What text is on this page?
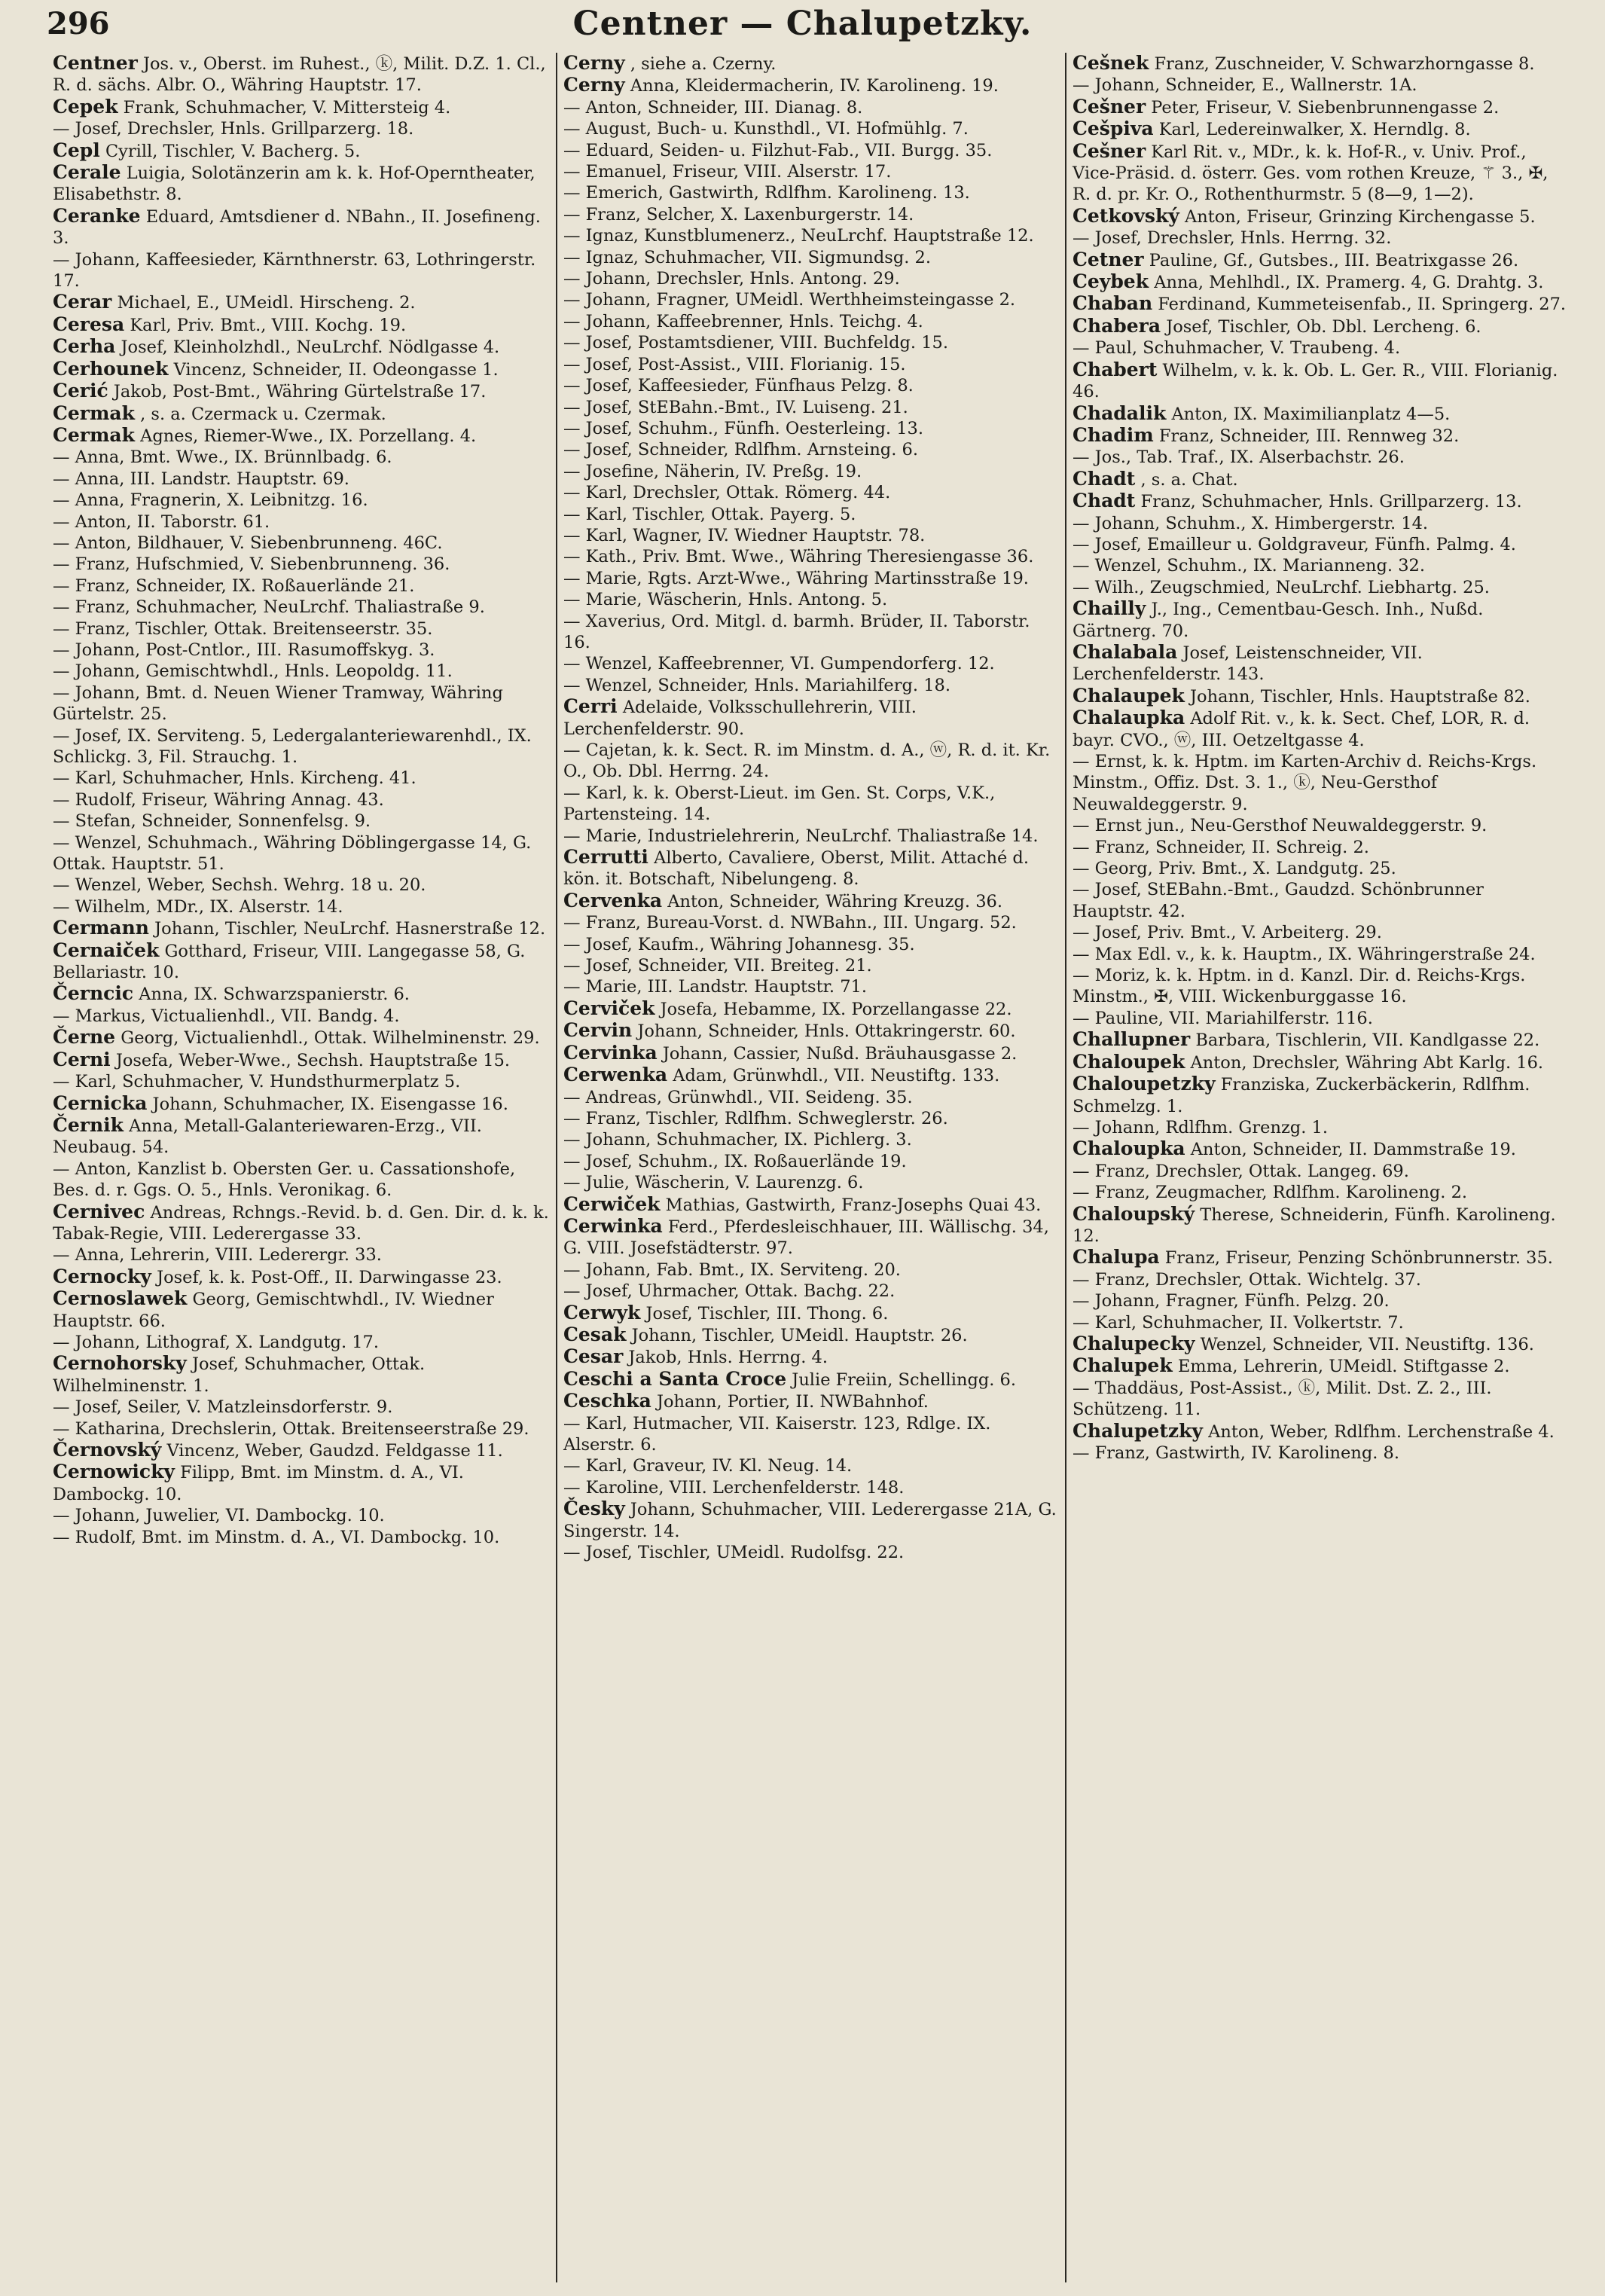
296	Centner — Chalupetzky.

Centner Jos. v., Oberst. im Ruhest., ⓚ, Milit. D.Z. 1. Cl., R. d. sächs. Albr. O., Währing Hauptstr. 17.

Cepek Frank, Schuhmacher, V. Mittersteig 4.

— Josef, Drechsler, Hnls. Grillparzerg. 18.

Cepl Cyrill, Tischler, V. Bacherg. 5.

Cerale Luigia, Solotänzerin am k. k. Hof-Operntheater, Elisabethstr. 8.

Ceranke Eduard, Amtsdiener d. NBahn., II. Josefineng. 3.

— Johann, Kaffeesieder, Kärnthnerstr. 63, Lothringerstr. 17.

Cerar Michael, E., UMeidl. Hirscheng. 2.

Ceresa Karl, Priv. Bmt., VIII. Kochg. 19.

Cerha Josef, Kleinholzhdl., NeuLrchf. Nödlgasse 4.

Cerhounek Vincenz, Schneider, II. Odeongasse 1.

Cerić Jakob, Post-Bmt., Währing Gürtelstraße 17.

Cermak , s. a. Czermack u. Czermak.

Cermak Agnes, Riemer-Wwe., IX. Porzellang. 4.

— Anna, Bmt. Wwe., IX. Brünnlbadg. 6.

— Anna, III. Landstr. Hauptstr. 69.

— Anna, Fragnerin, X. Leibnitzg. 16.

— Anton, II. Taborstr. 61.

— Anton, Bildhauer, V. Siebenbrunneng. 46C.

— Franz, Hufschmied, V. Siebenbrunneng. 36.

— Franz, Schneider, IX. Roßauerlände 21.

— Franz, Schuhmacher, NeuLrchf. Thaliastraße 9.

— Franz, Tischler, Ottak. Breitenseerstr. 35.

— Johann, Post-Cntlor., III. Rasumoffskyg. 3.

— Johann, Gemischtwhdl., Hnls. Leopoldg. 11.

— Johann, Bmt. d. Neuen Wiener Tramway, Währing Gürtelstr. 25.

— Josef, IX. Serviteng. 5, Ledergalanteriewarenhdl., IX. Schlickg. 3, Fil. Strauchg. 1.

— Karl, Schuhmacher, Hnls. Kircheng. 41.

— Rudolf, Friseur, Währing Annag. 43.

— Stefan, Schneider, Sonnenfelsg. 9.

— Wenzel, Schuhmach., Währing Döblingergasse 14, G. Ottak. Hauptstr. 51.

— Wenzel, Weber, Sechsh. Wehrg. 18 u. 20.

— Wilhelm, MDr., IX. Alserstr. 14.

Cermann Johann, Tischler, NeuLrchf. Hasnerstraße 12.

Cernaiček Gotthard, Friseur, VIII. Langegasse 58, G. Bellariastr. 10.

Černcic Anna, IX. Schwarzspanierstr. 6.

— Markus, Victualienhdl., VII. Bandg. 4.

Černe Georg, Victualienhdl., Ottak. Wilhelminenstr. 29.

Cerni Josefa, Weber-Wwe., Sechsh. Hauptstraße 15.

— Karl, Schuhmacher, V. Hundsthurmerplatz 5.

Cernicka Johann, Schuhmacher, IX. Eisengasse 16.

Černik Anna, Metall-Galanteriewaren-Erzg., VII. Neubaug. 54.

— Anton, Kanzlist b. Obersten Ger. u. Cassationshofe, Bes. d. r. Ggs. O. 5., Hnls. Veronikag. 6.

Cernivec Andreas, Rchngs.-Revid. b. d. Gen. Dir. d. k. k. Tabak-Regie, VIII. Lederergasse 33.

— Anna, Lehrerin, VIII. Lederergr. 33.

Cernocky Josef, k. k. Post-Off., II. Darwingasse 23.

Cernoslawek Georg, Gemischtwhdl., IV. Wiedner Hauptstr. 66.

— Johann, Lithograf, X. Landgutg. 17.

Cernohorsky Josef, Schuhmacher, Ottak. Wilhelminenstr. 1.

— Josef, Seiler, V. Matzleinsdorferstr. 9.

— Katharina, Drechslerin, Ottak. Breitenseerstraße 29.

Černovský Vincenz, Weber, Gaudzd. Feldgasse 11.

Cernowicky Filipp, Bmt. im Minstm. d. A., VI. Dambockg. 10.

— Johann, Juwelier, VI. Dambockg. 10.

— Rudolf, Bmt. im Minstm. d. A., VI. Dambockg. 10.

Cerny , siehe a. Czerny.

Cerny Anna, Kleidermacherin, IV. Karolineng. 19.

— Anton, Schneider, III. Dianag. 8.

— August, Buch- u. Kunsthdl., VI. Hofmühlg. 7.

— Eduard, Seiden- u. Filzhut-Fab., VII. Burgg. 35.

— Emanuel, Friseur, VIII. Alserstr. 17.

— Emerich, Gastwirth, Rdlfhm. Karolineng. 13.

— Franz, Selcher, X. Laxenburgerstr. 14.

— Ignaz, Kunstblumenerz., NeuLrchf. Hauptstraße 12.

— Ignaz, Schuhmacher, VII. Sigmundsg. 2.

— Johann, Drechsler, Hnls. Antong. 29.

— Johann, Fragner, UMeidl. Werthheimsteingasse 2.

— Johann, Kaffeebrenner, Hnls. Teichg. 4.

— Josef, Postamtsdiener, VIII. Buchfeldg. 15.

— Josef, Post-Assist., VIII. Florianig. 15.

— Josef, Kaffeesieder, Fünfhaus Pelzg. 8.

— Josef, StEBahn.-Bmt., IV. Luiseng. 21.

— Josef, Schuhm., Fünfh. Oesterleing. 13.

— Josef, Schneider, Rdlfhm. Arnsteing. 6.

— Josefine, Näherin, IV. Preßg. 19.

— Karl, Drechsler, Ottak. Römerg. 44.

— Karl, Tischler, Ottak. Payerg. 5.

— Karl, Wagner, IV. Wiedner Hauptstr. 78.

— Kath., Priv. Bmt. Wwe., Währing Theresiengasse 36.

— Marie, Rgts. Arzt-Wwe., Währing Martinsstraße 19.

— Marie, Wäscherin, Hnls. Antong. 5.

— Xaverius, Ord. Mitgl. d. barmh. Brüder, II. Taborstr. 16.

— Wenzel, Kaffeebrenner, VI. Gumpendorferg. 12.

— Wenzel, Schneider, Hnls. Mariahilferg. 18.

Cerri Adelaide, Volksschullehrerin, VIII. Lerchenfelderstr. 90.

— Cajetan, k. k. Sect. R. im Minstm. d. A., ⓦ, R. d. it. Kr. O., Ob. Dbl. Herrng. 24.

— Karl, k. k. Oberst-Lieut. im Gen. St. Corps, V.K., Partensteing. 14.

— Marie, Industrielehrerin, NeuLrchf. Thaliastraße 14.

Cerrutti Alberto, Cavaliere, Oberst, Milit. Attaché d. kön. it. Botschaft, Nibelungeng. 8.

Cervenka Anton, Schneider, Währing Kreuzg. 36.

— Franz, Bureau-Vorst. d. NWBahn., III. Ungarg. 52.

— Josef, Kaufm., Währing Johannesg. 35.

— Josef, Schneider, VII. Breiteg. 21.

— Marie, III. Landstr. Hauptstr. 71.

Cerviček Josefa, Hebamme, IX. Porzellangasse 22.

Cervin Johann, Schneider, Hnls. Ottakringerstr. 60.

Cervinka Johann, Cassier, Nußd. Bräuhausgasse 2.

Cerwenka Adam, Grünwhdl., VII. Neustiftg. 133.

— Andreas, Grünwhdl., VII. Seideng. 35.

— Franz, Tischler, Rdlfhm. Schweglerstr. 26.

— Johann, Schuhmacher, IX. Pichlerg. 3.

— Josef, Schuhm., IX. Roßauerlände 19.

— Julie, Wäscherin, V. Laurenzg. 6.

Cerwiček Mathias, Gastwirth, Franz-Josephs Quai 43.

Cerwinka Ferd., Pferdesleischhauer, III. Wällischg. 34, G. VIII. Josefstädterstr. 97.

— Johann, Fab. Bmt., IX. Serviteng. 20.

— Josef, Uhrmacher, Ottak. Bachg. 22.

Cerwyk Josef, Tischler, III. Thong. 6.

Cesak Johann, Tischler, UMeidl. Hauptstr. 26.

Cesar Jakob, Hnls. Herrng. 4.

Ceschi a Santa Croce Julie Freiin, Schellingg. 6.

Ceschka Johann, Portier, II. NWBahnhof.

— Karl, Hutmacher, VII. Kaiserstr. 123, Rdlge. IX. Alserstr. 6.

— Karl, Graveur, IV. Kl. Neug. 14.

— Karoline, VIII. Lerchenfelderstr. 148.

Česky Johann, Schuhmacher, VIII. Lederergasse 21A, G. Singerstr. 14.

— Josef, Tischler, UMeidl. Rudolfsg. 22.

Cešnek Franz, Zuschneider, V. Schwarzhorngasse 8.

— Johann, Schneider, E., Wallnerstr. 1A.

Cešner Peter, Friseur, V. Siebenbrunnengasse 2.

Cešpiva Karl, Ledereinwalker, X. Herndlg. 8.

Cešner Karl Rit. v., MDr., k. k. Hof-R., v. Univ. Prof., Vice-Präsid. d. österr. Ges. vom rothen Kreuze, ⚚ 3., ✠, R. d. pr. Kr. O., Rothenthurmstr. 5 (8—9, 1—2).

Cetkovský Anton, Friseur, Grinzing Kirchengasse 5.

— Josef, Drechsler, Hnls. Herrng. 32.

Cetner Pauline, Gf., Gutsbes., III. Beatrixgasse 26.

Ceybek Anna, Mehlhdl., IX. Pramerg. 4, G. Drahtg. 3.

Chaban Ferdinand, Kummeteisenfab., II. Springerg. 27.

Chabera Josef, Tischler, Ob. Dbl. Lercheng. 6.

— Paul, Schuhmacher, V. Traubeng. 4.

Chabert Wilhelm, v. k. k. Ob. L. Ger. R., VIII. Florianig. 46.

Chadalik Anton, IX. Maximilianplatz 4—5.

Chadim Franz, Schneider, III. Rennweg 32.

— Jos., Tab. Traf., IX. Alserbachstr. 26.

Chadt , s. a. Chat.

Chadt Franz, Schuhmacher, Hnls. Grillparzerg. 13.

— Johann, Schuhm., X. Himbergerstr. 14.

— Josef, Emailleur u. Goldgraveur, Fünfh. Palmg. 4.

— Wenzel, Schuhm., IX. Marianneng. 32.

— Wilh., Zeugschmied, NeuLrchf. Liebhartg. 25.

Chailly J., Ing., Cementbau-Gesch. Inh., Nußd. Gärtnerg. 70.

Chalabala Josef, Leistenschneider, VII. Lerchenfelderstr. 143.

Chalaupek Johann, Tischler, Hnls. Hauptstraße 82.

Chalaupka Adolf Rit. v., k. k. Sect. Chef, LOR, R. d. bayr. CVO., ⓦ, III. Oetzeltgasse 4.

— Ernst, k. k. Hptm. im Karten-Archiv d. Reichs-Krgs. Minstm., Offiz. Dst. 3. 1., ⓚ, Neu-Gersthof Neuwaldeggerstr. 9.

— Ernst jun., Neu-Gersthof Neuwaldeggerstr. 9.

— Franz, Schneider, II. Schreig. 2.

— Georg, Priv. Bmt., X. Landgutg. 25.

— Josef, StEBahn.-Bmt., Gaudzd. Schönbrunner Hauptstr. 42.

— Josef, Priv. Bmt., V. Arbeiterg. 29.

— Max Edl. v., k. k. Hauptm., IX. Währingerstraße 24.

— Moriz, k. k. Hptm. in d. Kanzl. Dir. d. Reichs-Krgs. Minstm., ✠, VIII. Wickenburggasse 16.

— Pauline, VII. Mariahilferstr. 116.

Challupner Barbara, Tischlerin, VII. Kandlgasse 22.

Chaloupek Anton, Drechsler, Währing Abt Karlg. 16.

Chaloupetzky Franziska, Zuckerbäckerin, Rdlfhm. Schmelzg. 1.

— Johann, Rdlfhm. Grenzg. 1.

Chaloupka Anton, Schneider, II. Dammstraße 19.

— Franz, Drechsler, Ottak. Langeg. 69.

— Franz, Zeugmacher, Rdlfhm. Karolineng. 2.

Chaloupský Therese, Schneiderin, Fünfh. Karolineng. 12.

Chalupa Franz, Friseur, Penzing Schönbrunnerstr. 35.

— Franz, Drechsler, Ottak. Wichtelg. 37.

— Johann, Fragner, Fünfh. Pelzg. 20.

— Karl, Schuhmacher, II. Volkertstr. 7.

Chalupecky Wenzel, Schneider, VII. Neustiftg. 136.

Chalupek Emma, Lehrerin, UMeidl. Stiftgasse 2.

— Thaddäus, Post-Assist., ⓚ, Milit. Dst. Z. 2., III. Schützeng. 11.

Chalupetzky Anton, Weber, Rdlfhm. Lerchenstraße 4.

— Franz, Gastwirth, IV. Karolineng. 8.
